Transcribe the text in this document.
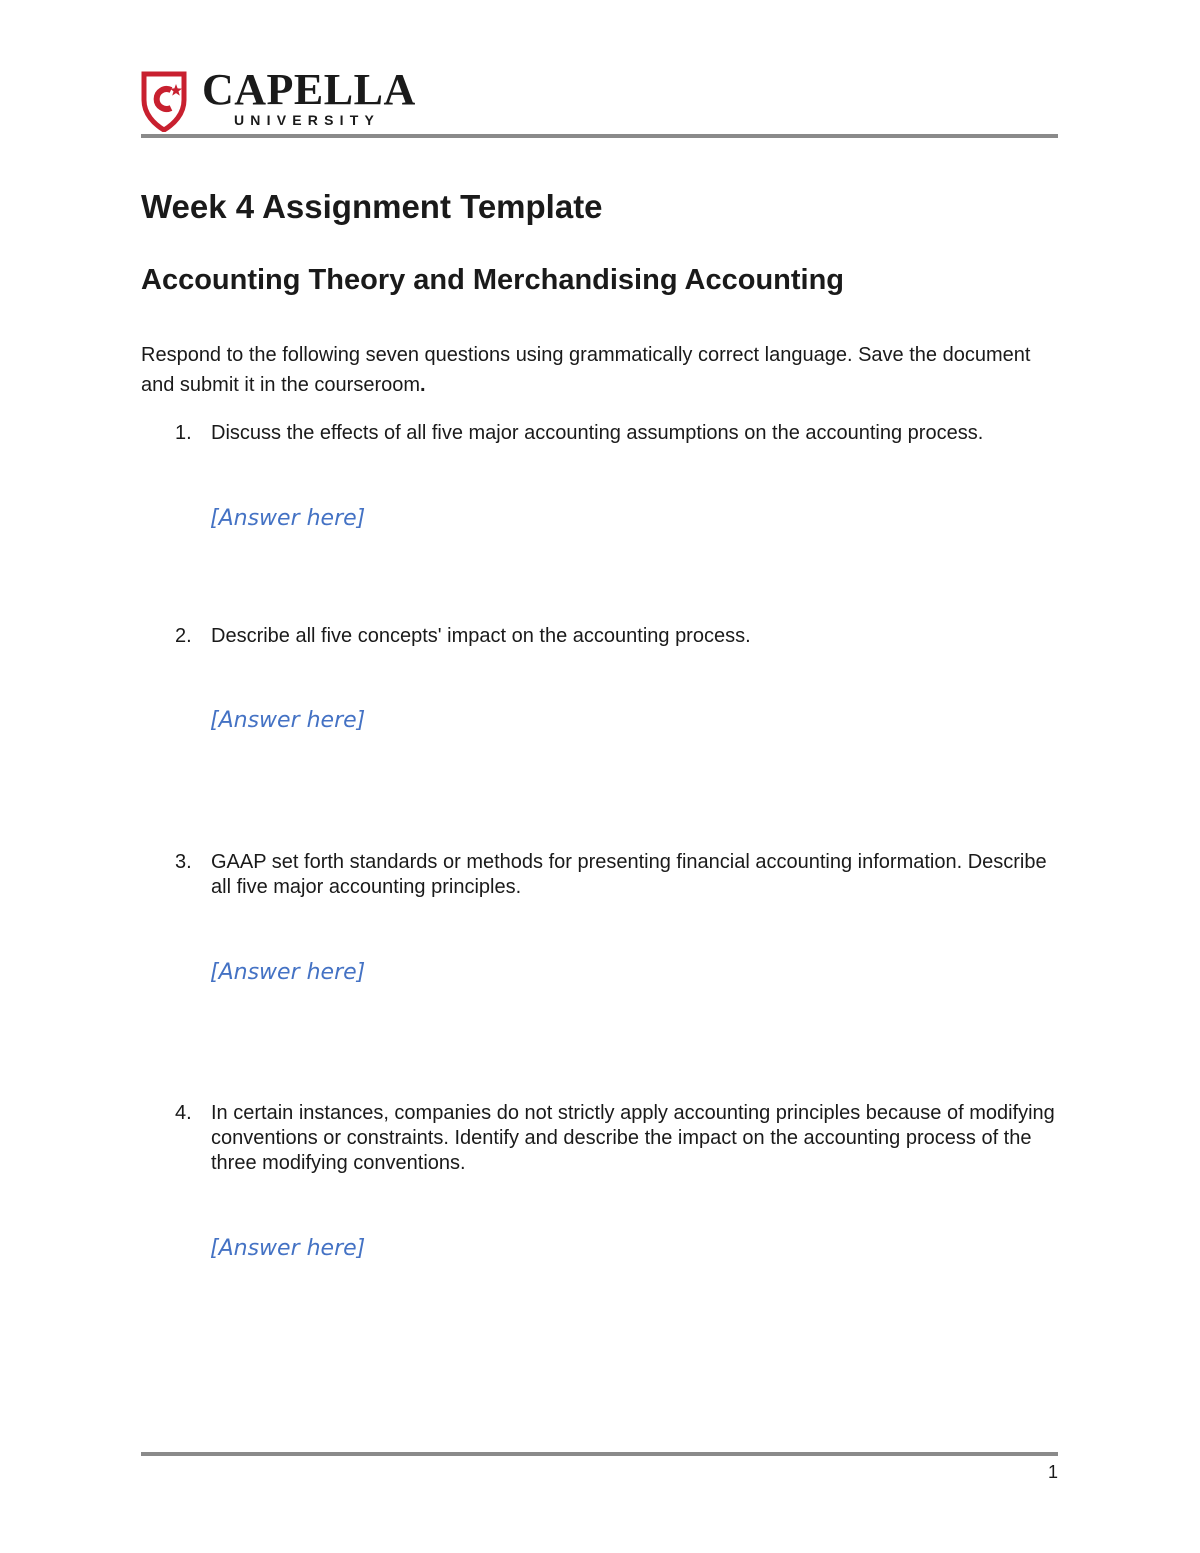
CAPELLA
UNIVERSITY
Week 4 Assignment Template
Accounting Theory and Merchandising Accounting

Respond to the following seven questions using grammatically correct language. Save the document and submit it in the courseroom.

1. Discuss the effects of all five major accounting assumptions on the accounting process.
[Answer here]
2. Describe all five concepts' impact on the accounting process.
[Answer here]
3. GAAP set forth standards or methods for presenting financial accounting information. Describe all five major accounting principles.
[Answer here]
4. In certain instances, companies do not strictly apply accounting principles because of modifying conventions or constraints. Identify and describe the impact on the accounting process of the three modifying conventions.
[Answer here]
1
